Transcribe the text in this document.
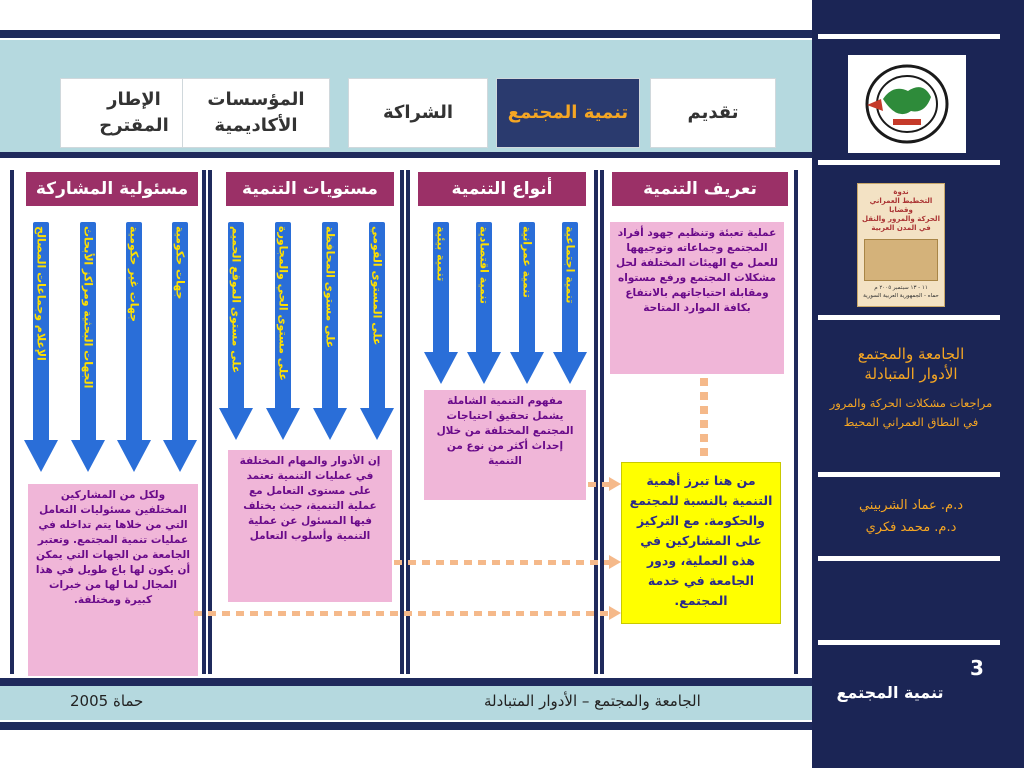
الإطار
المقترح
المؤسسات
الأكاديمية
الشراكة	تنمية المجتمع	تقديم
مسئولية المشاركة	مستويات التنمية	أنواع التنمية	تعريف التنمية
جهات حكومية
جهات غير حكومية
الجهات البحثية ومراكز الأبحاث
الإعلام وجماعات المصالح	على المستوى القومي
على مستوى المحافظة
على مستوى الحي والمجاورة
على مستوى الموقع الحميم	تنمية اجتماعية
تنمية عمرانية
تنمية اقتصادية
تنمية بيئية	عملية تعبئة وتنظيم جهود أفراد المجتمع وجماعاته وتوجيهها للعمل مع الهيئات المختلفة لحل مشكلات المجتمع ورفع مستواه ومقابلة احتياجاتهم بالانتفاع بكافة الموارد المتاحة
مفهوم التنمية الشاملة يشمل تحقيق احتياجات المجتمع المختلفة من خلال إحداث أكثر من نوع من التنمية
إن الأدوار والمهام المختلفة في عمليات التنمية تعتمد على مستوى التعامل مع عملية التنمية، حيث يختلف فيها المسئول عن عملية التنمية وأسلوب التعامل
ولكل من المشاركين المختلفين مسئوليات التعامل التي من خلاها يتم تداخله في عمليات تنمية المجتمع. وتعتبر الجامعة من الجهات التي يمكن أن يكون لها باع طويل في هذا المجال لما لها من خبرات كبيرة ومختلفة.
من هنا تبرز أهمية التنمية بالنسبة للمجتمع والحكومة. مع التركيز على المشاركين في هذه العملية، ودور الجامعة في خدمة المجتمع.
الجامعة والمجتمع – الأدوار المتبادلة
حماة 2005
ندوة
التخطيط العمراني وقضايا
الحركة والمرور والنقل
في المدن العربية
١١ - ١٣ سبتمبر ٢٠٠٥ م
حماه - الجمهورية العربية السورية
الجامعة والمجتمع
الأدوار المتبادلة
مراجعات مشكلات الحركة والمرور في النطاق العمراني المحيط
د.م. عماد الشربيني
د.م. محمد فكري
3
تنمية المجتمع
